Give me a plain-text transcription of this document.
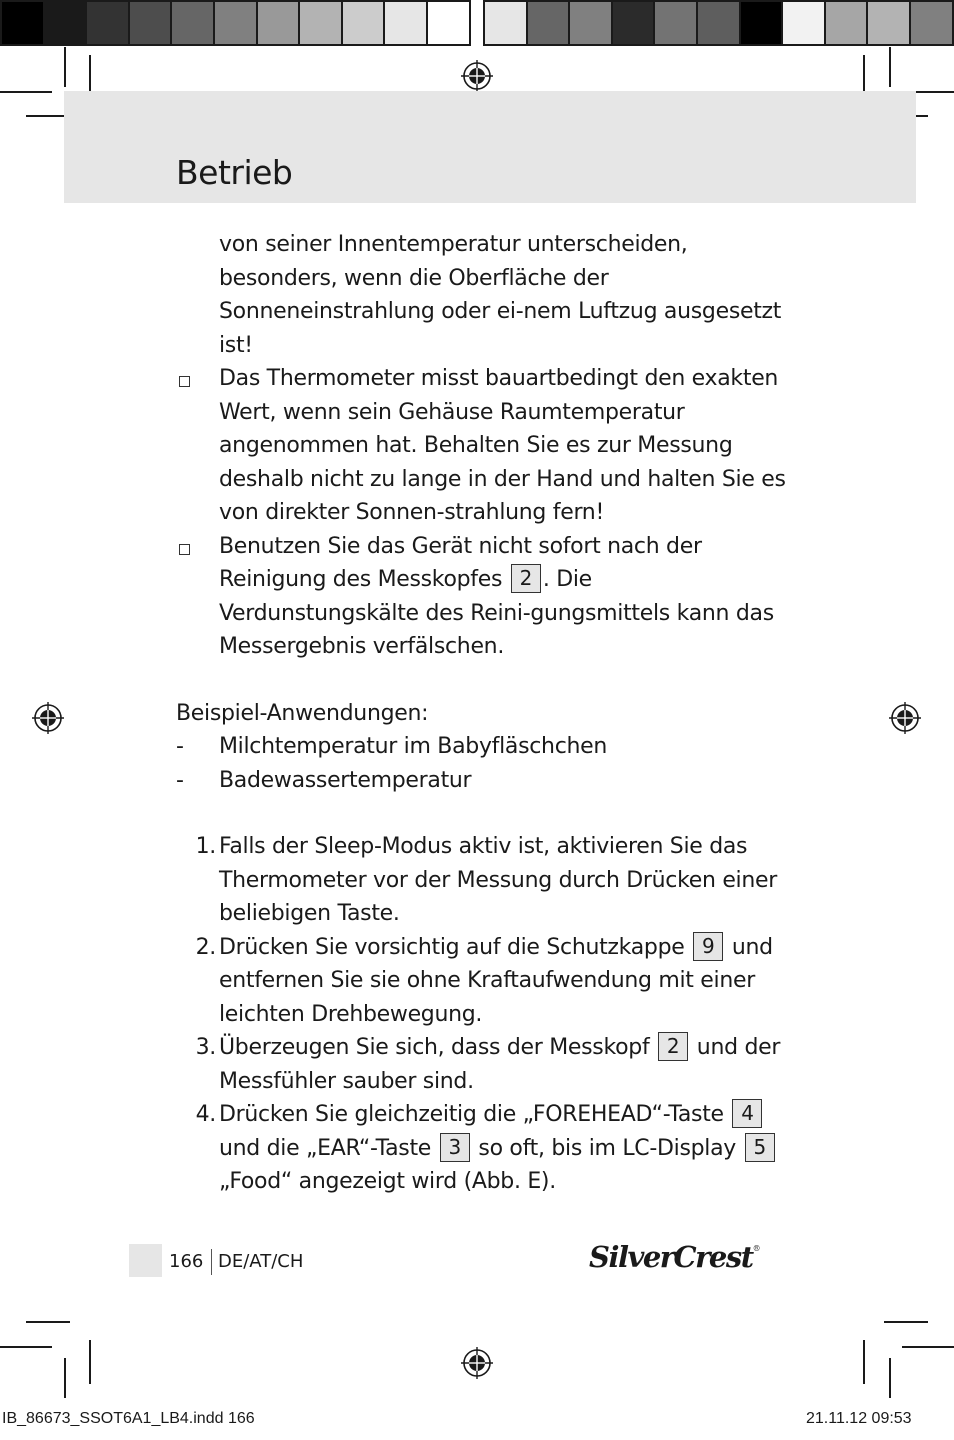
Betrieb
von seiner Innentemperatur unterscheiden, besonders, wenn die Oberfläche der Sonneneinstrahlung oder ei-nem Luftzug ausgesetzt ist!
Das Thermometer misst bauartbedingt den exakten Wert, wenn sein Gehäuse Raumtemperatur angenommen hat. Behalten Sie es zur Messung deshalb nicht zu lange in der Hand und halten Sie es von direkter Sonnen-strahlung fern!
Benutzen Sie das Gerät nicht sofort nach der Reinigung des Messkopfes 2 . Die Verdunstungskälte des Reini-gungsmittels kann das Messergebnis verfälschen.
Beispiel-Anwendungen:
-	Milchtemperatur im Babyfläschchen
-	Badewassertemperatur
1. Falls der Sleep-Modus aktiv ist, aktivieren Sie das Thermometer vor der Messung durch Drücken einer beliebigen Taste.
2. Drücken Sie vorsichtig auf die Schutzkappe 9 und entfernen Sie sie ohne Kraftaufwendung mit einer leichten Drehbewegung.
3. Überzeugen Sie sich, dass der Messkopf 2 und der Messfühler sauber sind.
4. Drücken Sie gleichzeitig die „FOREHEAD“-Taste 4 und die „EAR“-Taste 3 so oft, bis im LC-Display 5 „Food“ angezeigt wird (Abb. E).
166 DE/AT/CH	SilverCrest®
IB_86673_SSOT6A1_LB4.indd 166	21.11.12 09:53
